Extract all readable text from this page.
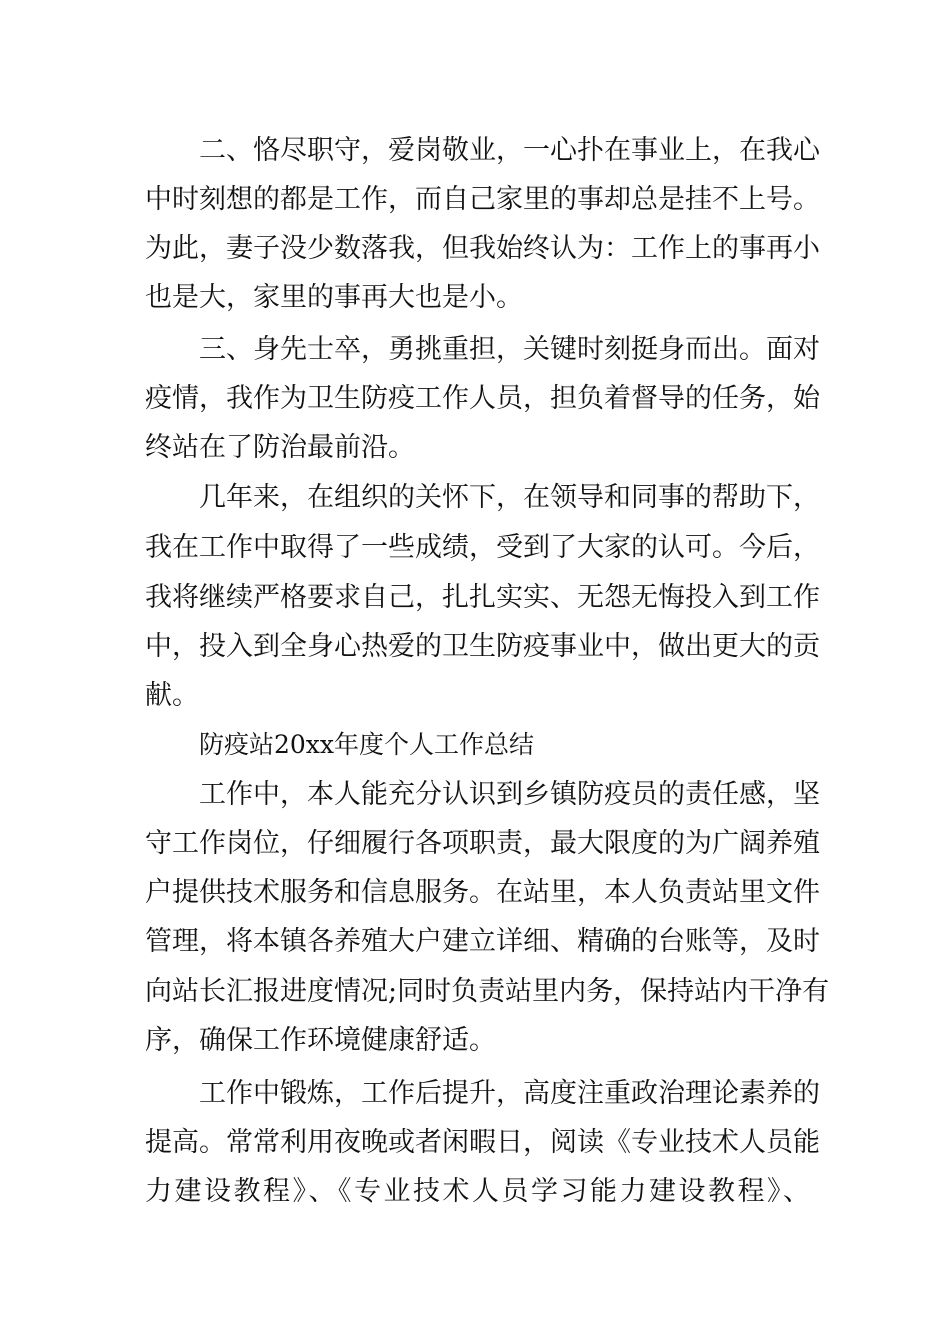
二、恪尽职守，爱岗敬业，一心扑在事业上，在我心
中时刻想的都是工作，而自己家里的事却总是挂不上号。
为此，妻子没少数落我，但我始终认为：工作上的事再小
也是大，家里的事再大也是小。
三、身先士卒，勇挑重担，关键时刻挺身而出。面对
疫情，我作为卫生防疫工作人员，担负着督导的任务，始
终站在了防治最前沿。
几年来，在组织的关怀下，在领导和同事的帮助下，
我在工作中取得了一些成绩，受到了大家的认可。今后，
我将继续严格要求自己，扎扎实实、无怨无悔投入到工作
中，投入到全身心热爱的卫生防疫事业中，做出更大的贡
献。
防疫站20xx年度个人工作总结
工作中，本人能充分认识到乡镇防疫员的责任感，坚
守工作岗位，仔细履行各项职责，最大限度的为广阔养殖
户提供技术服务和信息服务。在站里，本人负责站里文件
管理，将本镇各养殖大户建立详细、精确的台账等，及时
向站长汇报进度情况;同时负责站里内务，保持站内干净有
序，确保工作环境健康舒适。
工作中锻炼，工作后提升，高度注重政治理论素养的
提高。常常利用夜晚或者闲暇日，阅读《专业技术人员能
力建设教程》、《专业技术人员学习能力建设教程》、
